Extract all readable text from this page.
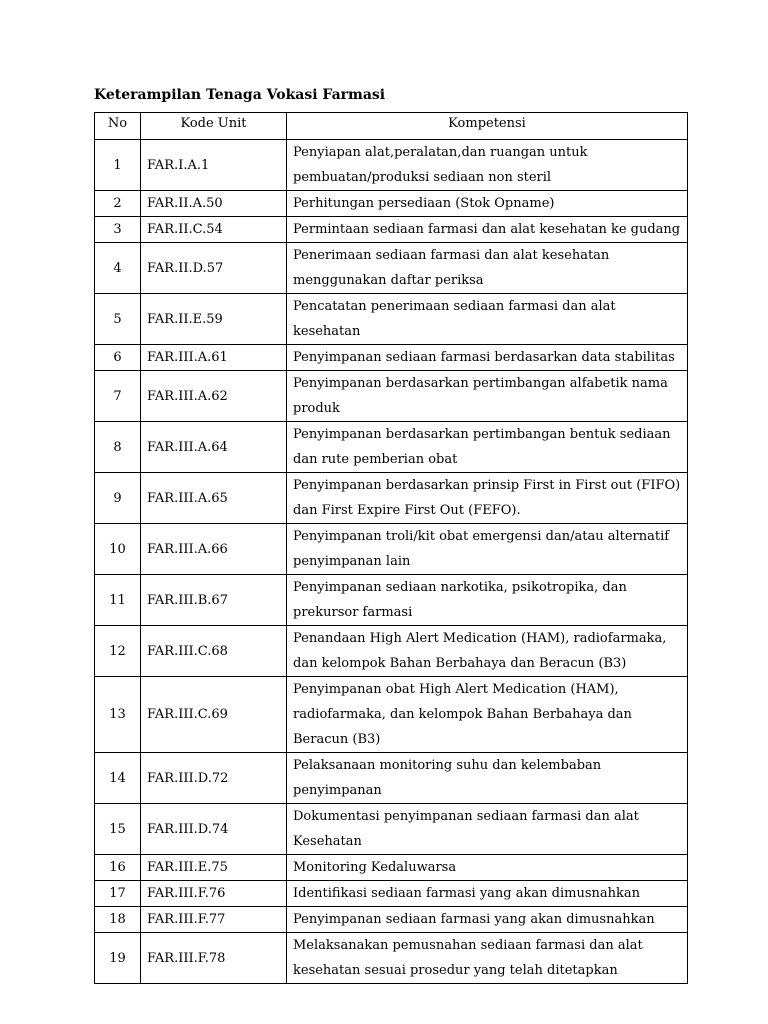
Keterampilan Tenaga Vokasi Farmasi
No	Kode Unit	Kompetensi
1	FAR.I.A.1	Penyiapan alat,peralatan,dan ruangan untuk pembuatan/produksi sediaan non steril
2	FAR.II.A.50	Perhitungan persediaan (Stok Opname)
3	FAR.II.C.54	Permintaan sediaan farmasi dan alat kesehatan ke gudang
4	FAR.II.D.57	Penerimaan sediaan farmasi dan alat kesehatan menggunakan daftar periksa
5	FAR.II.E.59	Pencatatan penerimaan sediaan farmasi dan alat kesehatan
6	FAR.III.A.61	Penyimpanan sediaan farmasi berdasarkan data stabilitas
7	FAR.III.A.62	Penyimpanan berdasarkan pertimbangan alfabetik nama produk
8	FAR.III.A.64	Penyimpanan berdasarkan pertimbangan bentuk sediaan dan rute pemberian obat
9	FAR.III.A.65	Penyimpanan berdasarkan prinsip First in First out (FIFO) dan First Expire First Out (FEFO).
10	FAR.III.A.66	Penyimpanan troli/kit obat emergensi dan/atau alternatif penyimpanan lain
11	FAR.III.B.67	Penyimpanan sediaan narkotika, psikotropika, dan prekursor farmasi
12	FAR.III.C.68	Penandaan High Alert Medication (HAM), radiofarmaka, dan kelompok Bahan Berbahaya dan Beracun (B3)
13	FAR.III.C.69	Penyimpanan obat High Alert Medication (HAM), radiofarmaka, dan kelompok Bahan Berbahaya dan Beracun (B3)
14	FAR.III.D.72	Pelaksanaan monitoring suhu dan kelembaban penyimpanan
15	FAR.III.D.74	Dokumentasi penyimpanan sediaan farmasi dan alat Kesehatan
16	FAR.III.E.75	Monitoring Kedaluwarsa
17	FAR.III.F.76	Identifikasi sediaan farmasi yang akan dimusnahkan
18	FAR.III.F.77	Penyimpanan sediaan farmasi yang akan dimusnahkan
19	FAR.III.F.78	Melaksanakan pemusnahan sediaan farmasi dan alat kesehatan sesuai prosedur yang telah ditetapkan
